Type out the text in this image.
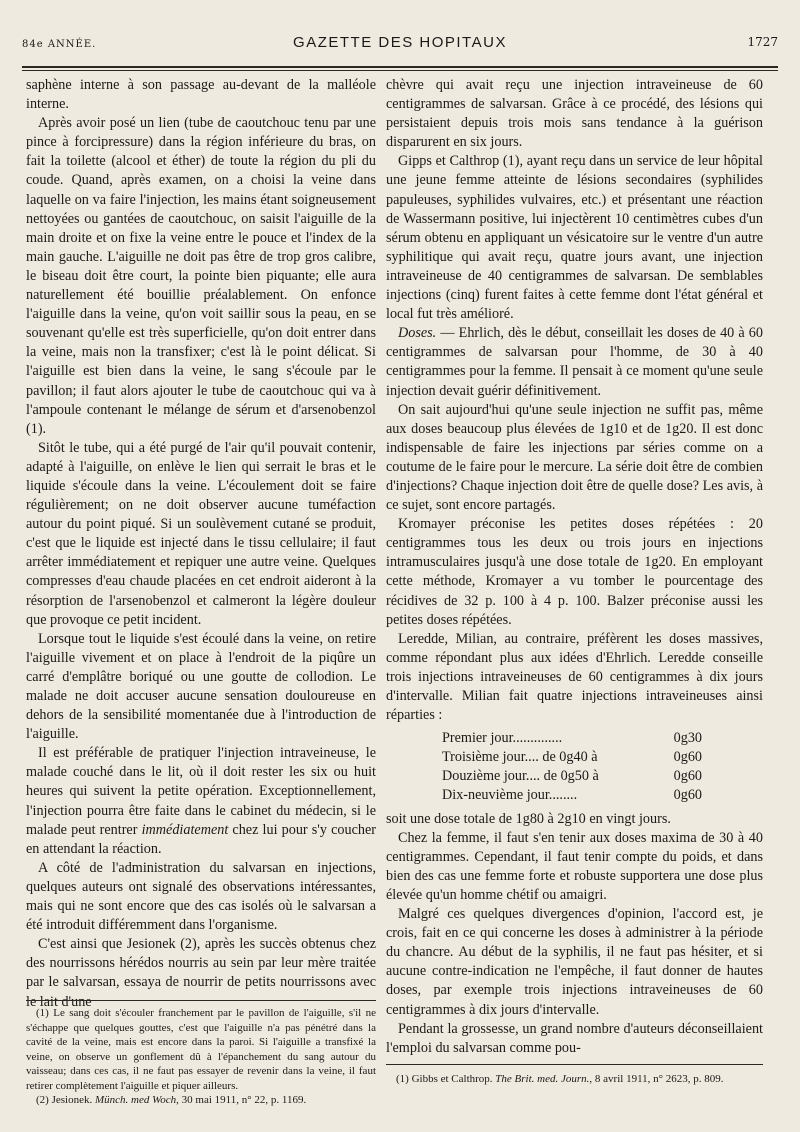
84e ANNÉE.	GAZETTE DES HOPITAUX	1727

saphène interne à son passage au-devant de la malléole interne.

Après avoir posé un lien (tube de caoutchouc tenu par une pince à forcipressure) dans la région inférieure du bras, on fait la toilette (alcool et éther) de toute la région du pli du coude. Quand, après examen, on a choisi la veine dans laquelle on va faire l'injection, les mains étant soigneusement nettoyées ou gantées de caoutchouc, on saisit l'aiguille de la main droite et on fixe la veine entre le pouce et l'index de la main gauche. L'aiguille ne doit pas être de trop gros calibre, le biseau doit être court, la pointe bien piquante; elle aura naturellement été bouillie préalablement. On enfonce l'aiguille dans la veine, qu'on voit saillir sous la peau, en se souvenant qu'elle est très superficielle, qu'on doit entrer dans la veine, mais non la transfixer; c'est là le point délicat. Si l'aiguille est bien dans la veine, le sang s'écoule par le pavillon; il faut alors ajouter le tube de caoutchouc qui va à l'ampoule contenant le mélange de sérum et d'arsenobenzol (1).

Sitôt le tube, qui a été purgé de l'air qu'il pouvait contenir, adapté à l'aiguille, on enlève le lien qui serrait le bras et le liquide s'écoule dans la veine. L'écoulement doit se faire régulièrement; on ne doit observer aucune tuméfaction autour du point piqué. Si un soulèvement cutané se produit, c'est que le liquide est injecté dans le tissu cellulaire; il faut arrêter immédiatement et repiquer une autre veine. Quelques compresses d'eau chaude placées en cet endroit aideront à la résorption de l'arsenobenzol et calmeront la légère douleur que provoque ce petit incident.

Lorsque tout le liquide s'est écoulé dans la veine, on retire l'aiguille vivement et on place à l'endroit de la piqûre un carré d'emplâtre boriqué ou une goutte de collodion. Le malade ne doit accuser aucune sensation douloureuse en dehors de la sensibilité momentanée due à l'introduction de l'aiguille.

Il est préférable de pratiquer l'injection intraveineuse, le malade couché dans le lit, où il doit rester les six ou huit heures qui suivent la petite opération. Exceptionnellement, l'injection pourra être faite dans le cabinet du médecin, si le malade peut rentrer immédiatement chez lui pour s'y coucher en attendant la réaction.

A côté de l'administration du salvarsan en injections, quelques auteurs ont signalé des observations intéressantes, mais qui ne sont encore que des cas isolés où le salvarsan a été introduit différemment dans l'organisme.

C'est ainsi que Jesionek (2), après les succès obtenus chez des nourrissons hérédos nourris au sein par leur mère traitée par le salvarsan, essaya de nourrir de petits nourrissons avec le lait d'une

(1) Le sang doit s'écouler franchement par le pavillon de l'aiguille, s'il ne s'échappe que quelques gouttes, c'est que l'aiguille n'a pas pénétré dans la cavité de la veine, mais est encore dans la paroi. Si l'aiguille a transfixé la veine, on observe un gonflement dû à l'épanchement du sang autour du vaisseau; dans ces cas, il ne faut pas essayer de revenir dans la veine, il faut retirer complètement l'aiguille et piquer ailleurs.

(2) Jesionek. Münch. med Woch, 30 mai 1911, n° 22, p. 1169.

chèvre qui avait reçu une injection intraveineuse de 60 centigrammes de salvarsan. Grâce à ce procédé, des lésions qui persistaient depuis trois mois sans tendance à la guérison disparurent en six jours.

Gipps et Calthrop (1), ayant reçu dans un service de leur hôpital une jeune femme atteinte de lésions secondaires (syphilides papuleuses, syphilides vulvaires, etc.) et présentant une réaction de Wassermann positive, lui injectèrent 10 centimètres cubes d'un sérum obtenu en appliquant un vésicatoire sur le ventre d'un autre syphilitique qui avait reçu, quatre jours avant, une injection intraveineuse de 40 centigrammes de salvarsan. De semblables injections (cinq) furent faites à cette femme dont l'état général et local fut très amélioré.

Doses. — Ehrlich, dès le début, conseillait les doses de 40 à 60 centigrammes de salvarsan pour l'homme, de 30 à 40 centigrammes pour la femme. Il pensait à ce moment qu'une seule injection devait guérir définitivement.

On sait aujourd'hui qu'une seule injection ne suffit pas, même aux doses beaucoup plus élevées de 1g10 et de 1g20. Il est donc indispensable de faire les injections par séries comme on a coutume de le faire pour le mercure. La série doit être de combien d'injections? Chaque injection doit être de quelle dose? Les avis, à ce sujet, sont encore partagés.

Kromayer préconise les petites doses répétées : 20 centigrammes tous les deux ou trois jours en injections intramusculaires jusqu'à une dose totale de 1g20. En employant cette méthode, Kromayer a vu tomber le pourcentage des récidives de 32 p. 100 à 4 p. 100. Balzer préconise aussi les petites doses répétées.

Leredde, Milian, au contraire, préfèrent les doses massives, comme répondant plus aux idées d'Ehrlich. Leredde conseille trois injections intraveineuses de 60 centigrammes à dix jours d'intervalle. Milian fait quatre injections intraveineuses ainsi réparties :

Premier jour..............	0g30
Troisième jour.... de 0g40 à	0g60
Douzième jour.... de 0g50 à	0g60
Dix-neuvième jour........	0g60

soit une dose totale de 1g80 à 2g10 en vingt jours.

Chez la femme, il faut s'en tenir aux doses maxima de 30 à 40 centigrammes. Cependant, il faut tenir compte du poids, et dans bien des cas une femme forte et robuste supportera une dose plus élevée qu'un homme chétif ou amaigri.

Malgré ces quelques divergences d'opinion, l'accord est, je crois, fait en ce qui concerne les doses à administrer à la période du chancre. Au début de la syphilis, il ne faut pas hésiter, et si aucune contre-indication ne l'empêche, il faut donner de hautes doses, par exemple trois injections intraveineuses de 60 centigrammes à dix jours d'intervalle.

Pendant la grossesse, un grand nombre d'auteurs déconseillaient l'emploi du salvarsan comme pou-

(1) Gibbs et Calthrop. The Brit. med. Journ., 8 avril 1911, n° 2623, p. 809.
